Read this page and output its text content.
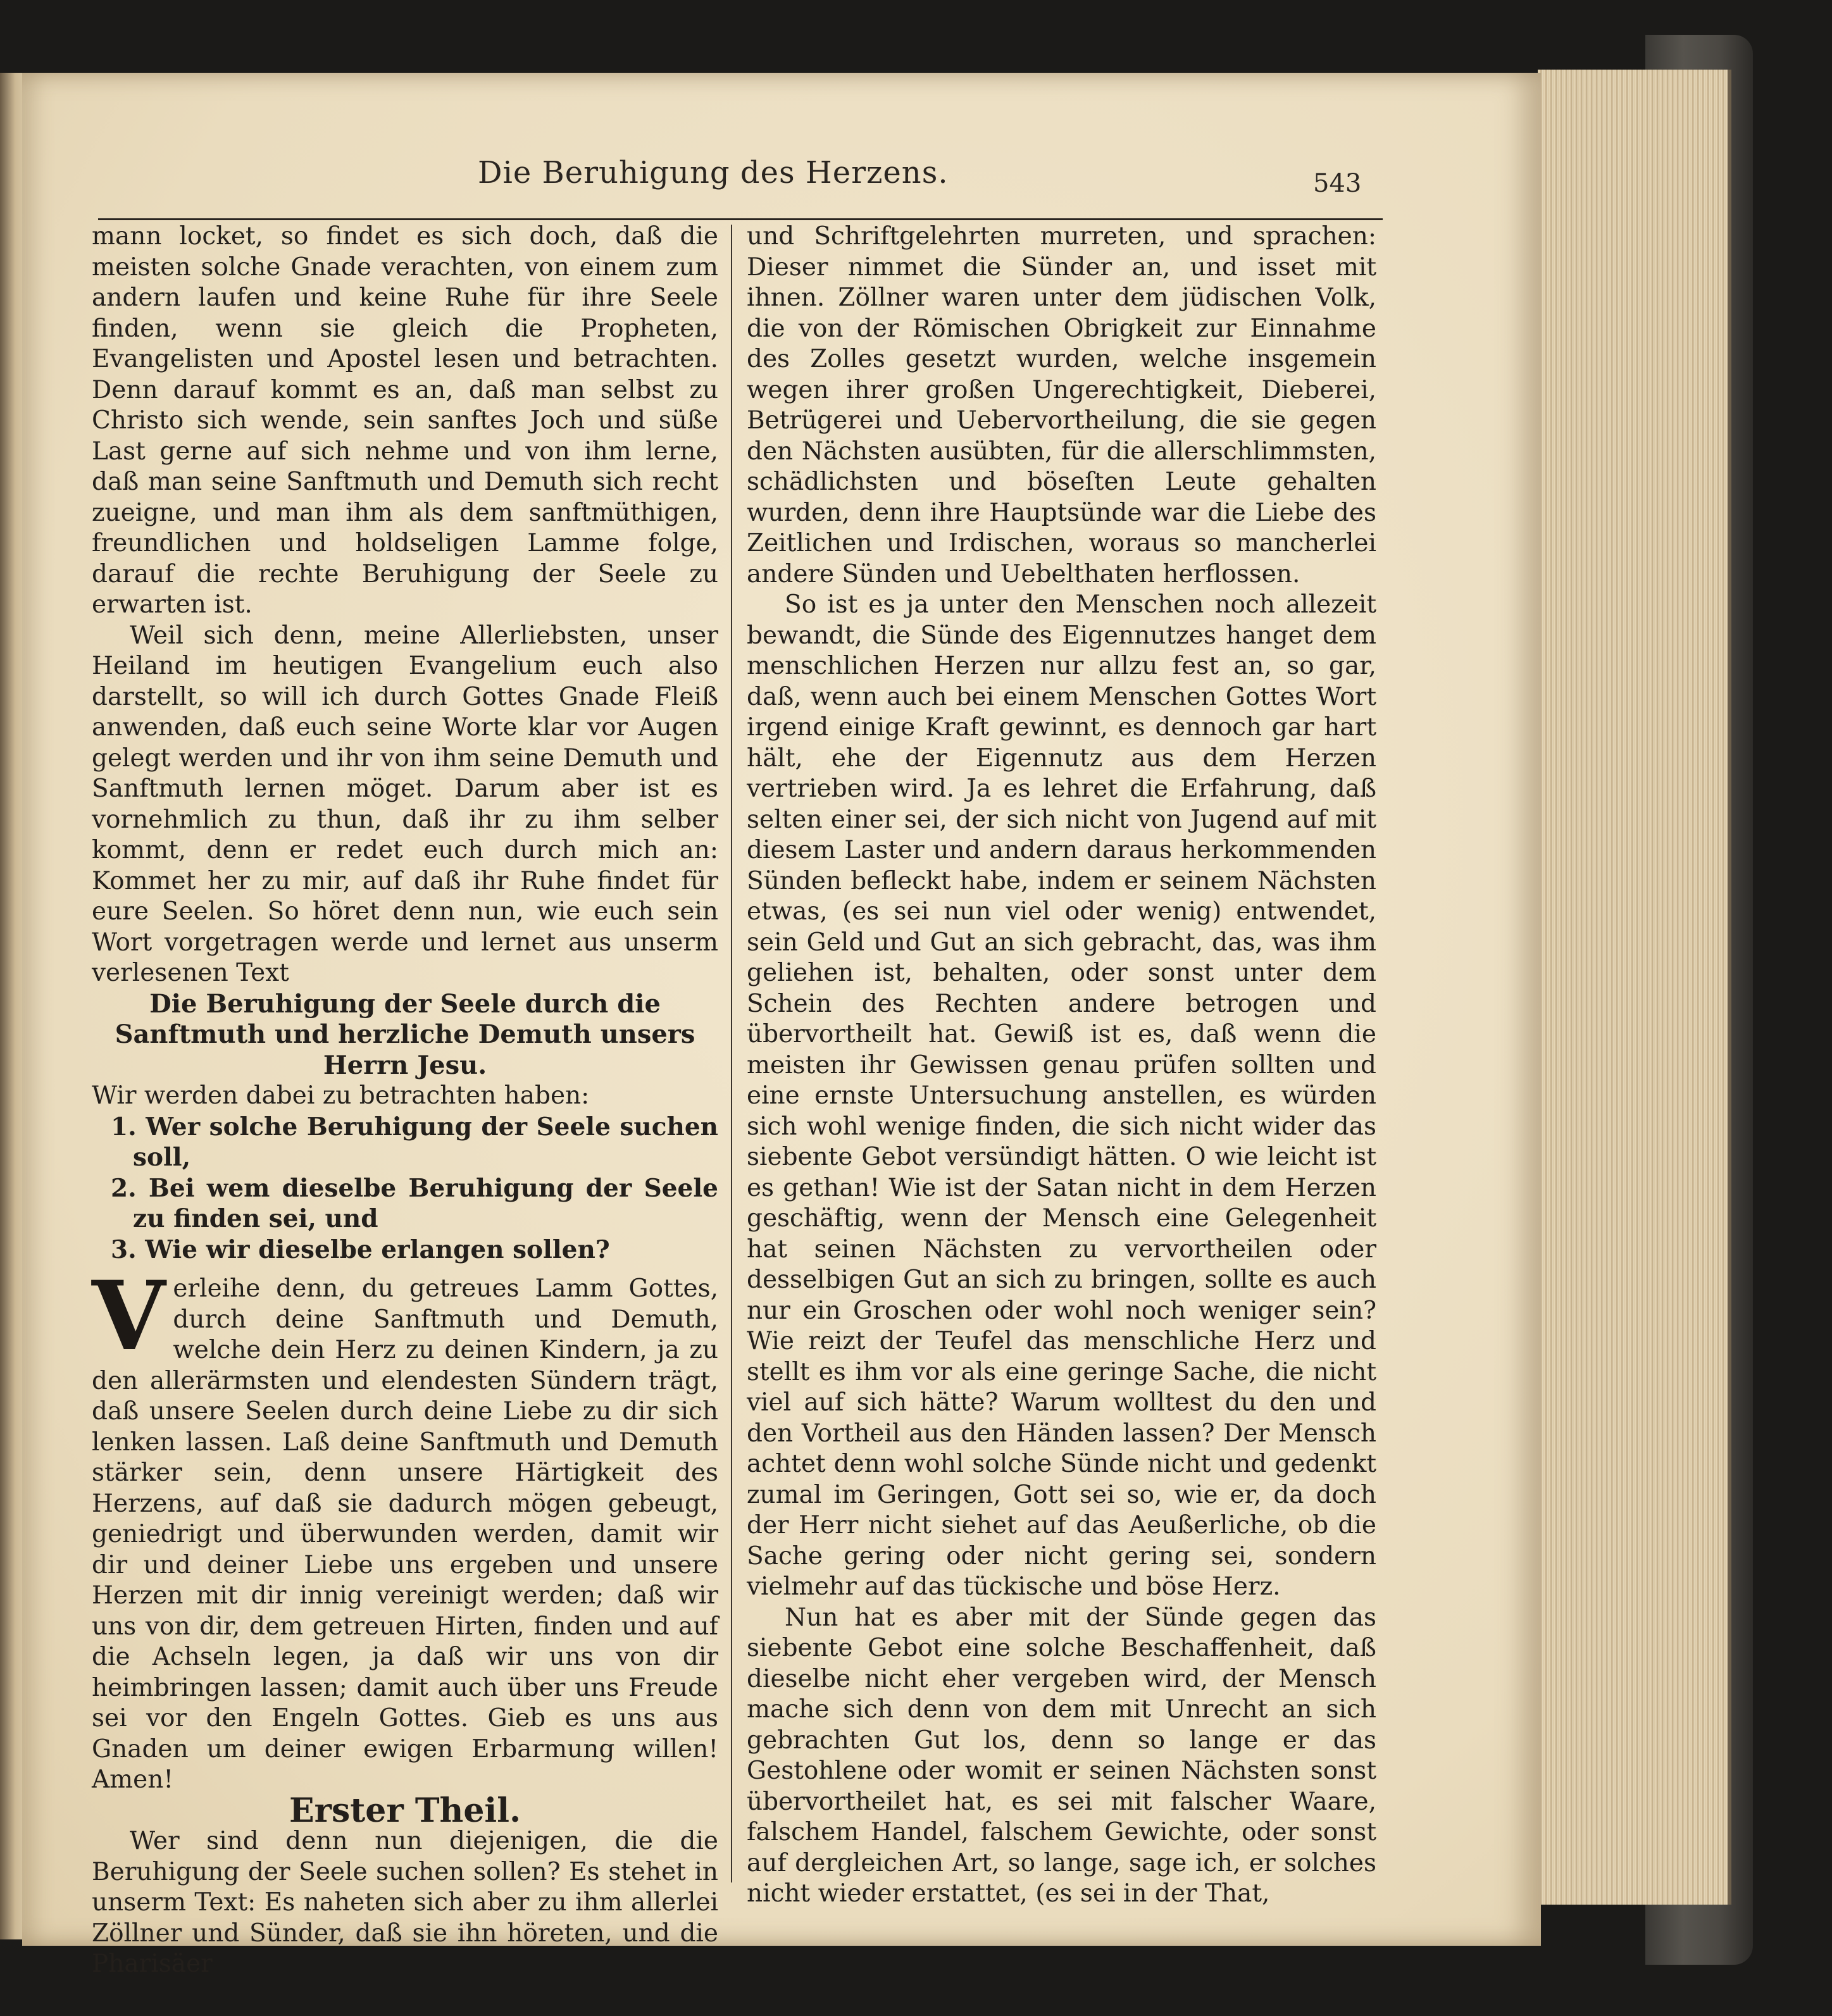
Die Beruhigung des Herzens.	543

mann locket, so findet es sich doch, daß die meisten solche Gnade verachten, von einem zum andern laufen und keine Ruhe für ihre Seele finden, wenn sie gleich die Propheten, Evangelisten und Apostel lesen und betrachten. Denn darauf kommt es an, daß man selbst zu Christo sich wende, sein sanftes Joch und süße Last gerne auf sich nehme und von ihm lerne, daß man seine Sanftmuth und Demuth sich recht zueigne, und man ihm als dem sanftmüthigen, freundlichen und holdseligen Lamme folge, darauf die rechte Beruhigung der Seele zu erwarten ist.

Weil sich denn, meine Allerliebsten, unser Heiland im heutigen Evangelium euch also darstellt, so will ich durch Gottes Gnade Fleiß anwenden, daß euch seine Worte klar vor Augen gelegt werden und ihr von ihm seine Demuth und Sanftmuth lernen möget. Darum aber ist es vornehmlich zu thun, daß ihr zu ihm selber kommt, denn er redet euch durch mich an: Kommet her zu mir, auf daß ihr Ruhe findet für eure Seelen. So höret denn nun, wie euch sein Wort vorgetragen werde und lernet aus unserm verlesenen Text

Die Beruhigung der Seele durch die Sanftmuth und herzliche Demuth unsers Herrn Jesu.

Wir werden dabei zu betrachten haben:

1. Wer solche Beruhigung der Seele suchen soll,

2. Bei wem dieselbe Beruhigung der Seele zu finden sei, und

3. Wie wir dieselbe erlangen sollen?

Verleihe denn, du getreues Lamm Gottes, durch deine Sanftmuth und Demuth, welche dein Herz zu deinen Kindern, ja zu den allerärmsten und elendesten Sündern trägt, daß unsere Seelen durch deine Liebe zu dir sich lenken lassen. Laß deine Sanftmuth und Demuth stärker sein, denn unsere Härtigkeit des Herzens, auf daß sie dadurch mögen gebeugt, geniedrigt und überwunden werden, damit wir dir und deiner Liebe uns ergeben und unsere Herzen mit dir innig vereinigt werden; daß wir uns von dir, dem getreuen Hirten, finden und auf die Achseln legen, ja daß wir uns von dir heimbringen lassen; damit auch über uns Freude sei vor den Engeln Gottes. Gieb es uns aus Gnaden um deiner ewigen Erbarmung willen! Amen!

Erster Theil.

Wer sind denn nun diejenigen, die die Beruhigung der Seele suchen sollen? Es stehet in unserm Text: Es naheten sich aber zu ihm allerlei Zöllner und Sünder, daß sie ihn höreten, und die Pharisäer

und Schriftgelehrten murreten, und sprachen: Dieser nimmet die Sünder an, und isset mit ihnen. Zöllner waren unter dem jüdischen Volk, die von der Römischen Obrigkeit zur Einnahme des Zolles gesetzt wurden, welche insgemein wegen ihrer großen Ungerechtigkeit, Dieberei, Betrügerei und Uebervortheilung, die sie gegen den Nächsten ausübten, für die allerschlimmsten, schädlichsten und böseſten Leute gehalten wurden, denn ihre Hauptsünde war die Liebe des Zeitlichen und Irdischen, woraus so mancherlei andere Sünden und Uebelthaten herflossen.

So ist es ja unter den Menschen noch allezeit bewandt, die Sünde des Eigennutzes hanget dem menschlichen Herzen nur allzu fest an, so gar, daß, wenn auch bei einem Menschen Gottes Wort irgend einige Kraft gewinnt, es dennoch gar hart hält, ehe der Eigennutz aus dem Herzen vertrieben wird. Ja es lehret die Erfahrung, daß selten einer sei, der sich nicht von Jugend auf mit diesem Laster und andern daraus herkommenden Sünden befleckt habe, indem er seinem Nächsten etwas, (es sei nun viel oder wenig) entwendet, sein Geld und Gut an sich gebracht, das, was ihm geliehen ist, behalten, oder sonst unter dem Schein des Rechten andere betrogen und übervortheilt hat. Gewiß ist es, daß wenn die meisten ihr Gewissen genau prüfen sollten und eine ernste Untersuchung anstellen, es würden sich wohl wenige finden, die sich nicht wider das siebente Gebot versündigt hätten. O wie leicht ist es gethan! Wie ist der Satan nicht in dem Herzen geschäftig, wenn der Mensch eine Gelegenheit hat seinen Nächsten zu vervortheilen oder desselbigen Gut an sich zu bringen, sollte es auch nur ein Groschen oder wohl noch weniger sein? Wie reizt der Teufel das menschliche Herz und stellt es ihm vor als eine geringe Sache, die nicht viel auf sich hätte? Warum wolltest du den und den Vortheil aus den Händen lassen? Der Mensch achtet denn wohl solche Sünde nicht und gedenkt zumal im Geringen, Gott sei so, wie er, da doch der Herr nicht siehet auf das Aeußerliche, ob die Sache gering oder nicht gering sei, sondern vielmehr auf das tückische und böse Herz.

Nun hat es aber mit der Sünde gegen das siebente Gebot eine solche Beschaffenheit, daß dieselbe nicht eher vergeben wird, der Mensch mache sich denn von dem mit Unrecht an sich gebrachten Gut los, denn so lange er das Gestohlene oder womit er seinen Nächsten sonst übervortheilet hat, es sei mit falscher Waare, falschem Handel, falschem Gewichte, oder sonst auf dergleichen Art, so lange, sage ich, er solches nicht wieder erstattet, (es sei in der That,
